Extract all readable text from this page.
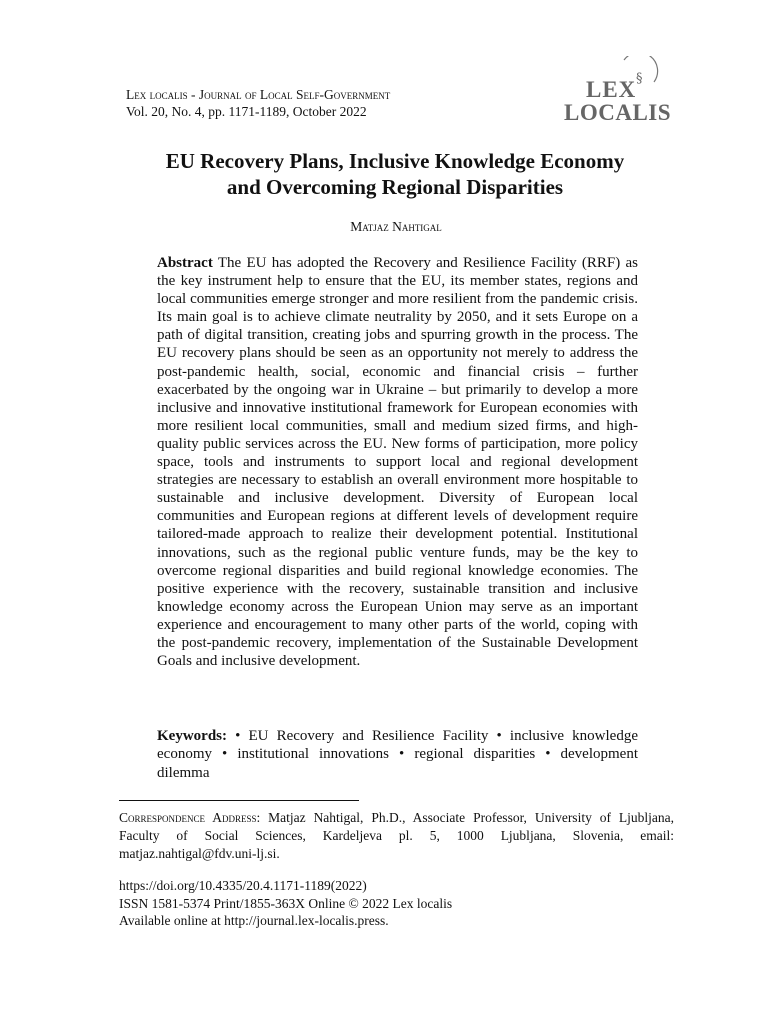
Lex localis - Journal of Local Self-Government
Vol. 20, No. 4, pp. 1171-1189, October 2022
§
LEX
LOCALIS
EU Recovery Plans, Inclusive Knowledge Economy
and Overcoming Regional Disparities
Matjaz Nahtigal
Abstract The EU has adopted the Recovery and Resilience Facility (RRF) as the key instrument help to ensure that the EU, its member states, regions and local communities emerge stronger and more resilient from the pandemic crisis. Its main goal is to achieve climate neutrality by 2050, and it sets Europe on a path of digital transition, creating jobs and spurring growth in the process. The EU recovery plans should be seen as an opportunity not merely to address the post-pandemic health, social, economic and financial crisis – further exacerbated by the ongoing war in Ukraine – but primarily to develop a more inclusive and innovative institutional framework for European economies with more resilient local communities, small and medium sized firms, and high-quality public services across the EU. New forms of participation, more policy space, tools and instruments to support local and regional development strategies are necessary to establish an overall environment more hospitable to sustainable and inclusive development. Diversity of European local communities and European regions at different levels of development require tailored-made approach to realize their development potential. Institutional innovations, such as the regional public venture funds, may be the key to overcome regional disparities and build regional knowledge economies. The positive experience with the recovery, sustainable transition and inclusive knowledge economy across the European Union may serve as an important experience and encouragement to many other parts of the world, coping with the post-pandemic recovery, implementation of the Sustainable Development Goals and inclusive development.
Keywords: • EU Recovery and Resilience Facility • inclusive knowledge economy • institutional innovations • regional disparities • development dilemma
Correspondence Address: Matjaz Nahtigal, Ph.D., Associate Professor, University of Ljubljana, Faculty of Social Sciences, Kardeljeva pl. 5, 1000 Ljubljana, Slovenia, email: matjaz.nahtigal@fdv.uni-lj.si.
https://doi.org/10.4335/20.4.1171-1189(2022)
ISSN 1581-5374 Print/1855-363X Online © 2022 Lex localis
Available online at http://journal.lex-localis.press.
